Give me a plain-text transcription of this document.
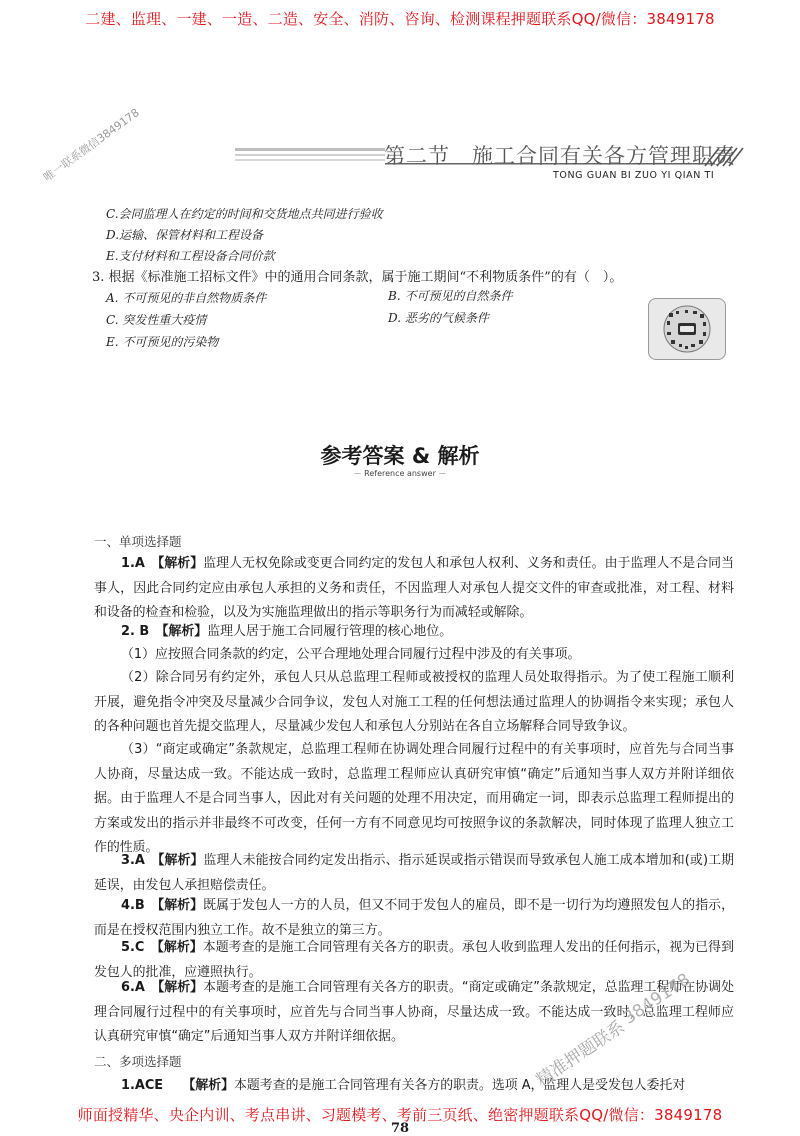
二建、监理、一建、一造、二造、安全、消防、咨询、检测课程押题联系QQ/微信：3849178
第二节　施工合同有关各方管理职责
TONG GUAN BI ZUO YI QIAN TI
唯一联系微信3849178
C.会同监理人在约定的时间和交货地点共同进行验收
D.运输、保管材料和工程设备
E.支付材料和工程设备合同价款
3. 根据《标准施工招标文件》中的通用合同条款，属于施工期间“不利物质条件”的有（　）。
A. 不可预见的非自然物质条件	B. 不可预见的自然条件
C. 突发性重大疫情	D. 恶劣的气候条件
E. 不可预见的污染物
参考答案 & 解析
－ Reference answer －
一、单项选择题
1.A　【解析】监理人无权免除或变更合同约定的发包人和承包人权利、义务和责任。由于监理人不是合同当事人，因此合同约定应由承包人承担的义务和责任，不因监理人对承包人提交文件的审查或批准，对工程、材料和设备的检查和检验，以及为实施监理做出的指示等职务行为而减轻或解除。
2. B　【解析】监理人居于施工合同履行管理的核心地位。
（1）应按照合同条款的约定，公平合理地处理合同履行过程中涉及的有关事项。
（2）除合同另有约定外，承包人只从总监理工程师或被授权的监理人员处取得指示。为了使工程施工顺利开展，避免指令冲突及尽量减少合同争议，发包人对施工工程的任何想法通过监理人的协调指令来实现；承包人的各种问题也首先提交监理人，尽量减少发包人和承包人分别站在各自立场解释合同导致争议。
（3）“商定或确定”条款规定，总监理工程师在协调处理合同履行过程中的有关事项时，应首先与合同当事人协商，尽量达成一致。不能达成一致时，总监理工程师应认真研究审慎“确定”后通知当事人双方并附详细依据。由于监理人不是合同当事人，因此对有关问题的处理不用决定，而用确定一词，即表示总监理工程师提出的方案或发出的指示并非最终不可改变，任何一方有不同意见均可按照争议的条款解决，同时体现了监理人独立工作的性质。
3.A　【解析】监理人未能按合同约定发出指示、指示延误或指示错误而导致承包人施工成本增加和(或)工期延误，由发包人承担赔偿责任。
4.B　【解析】既属于发包人一方的人员，但又不同于发包人的雇员，即不是一切行为均遵照发包人的指示，而是在授权范围内独立工作。故不是独立的第三方。
5.C　【解析】本题考查的是施工合同管理有关各方的职责。承包人收到监理人发出的任何指示，视为已得到发包人的批准，应遵照执行。
6.A　【解析】本题考查的是施工合同管理有关各方的职责。“商定或确定”条款规定，总监理工程师在协调处理合同履行过程中的有关事项时，应首先与合同当事人协商，尽量达成一致。不能达成一致时，总监理工程师应认真研究审慎“确定”后通知当事人双方并附详细依据。
二、多项选择题
1.ACE　　【解析】本题考查的是施工合同管理有关各方的职责。选项 A，监理人是受发包人委托对
精准押题联系
3849178
师面授精华、央企内训、考点串讲、习题模考、考前三页纸、绝密押题联系QQ/微信：3849178
78
